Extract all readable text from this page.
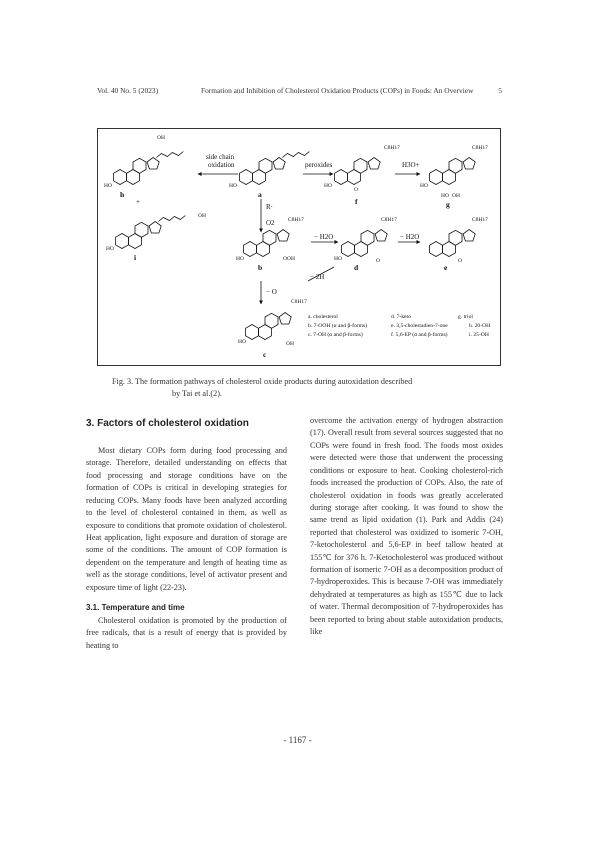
Vol. 40 No. 5 (2023)	Formation and Inhibition of Cholesterol Oxidation Products (COPs) in Foods: An Overview	5
side chain
oxidation	peroxides	H3O+
R·
O2
− H2O	− H2O
− 2H
− O
+
OH
HO	HO
C8H17
HO
O
C8H17
HO
HO OH
OH
HO
C8H17
HO	OOH
C8H17
HO	O
C8H17
O
C8H17
HO	OH
h	a
f	g
i
b	d	e
c
a. cholesterol	d. 7-keto	g. triol
b. 7-OOH (α and β-forms)	e. 3,5-cholestadien-7-one	h. 20-OH
c. 7-OH (α and β-forms)	f. 5,6-EP (α and β-forms)	i. 25-OH
Fig. 3. The formation pathways of cholesterol oxide products during autoxidation described
by Tai et al.(2).
3. Factors of cholesterol oxidation

Most dietary COPs form during food processing and storage. Therefore, detailed understanding on effects that food processing and storage conditions have on the formation of COPs is critical in developing strategies for reducing COPs. Many foods have been analyzed according to the level of cholesterol contained in them, as well as exposure to conditions that promote oxidation of cholesterol. Heat application, light exposure and duration of storage are some of the conditions. The amount of COP formation is dependent on the temperature and length of heating time as well as the storage conditions, level of activator present and exposure time of light (22-23).

3.1. Temperature and time

Cholesterol oxidation is promoted by the production of free radicals, that is a result of energy that is provided by heating to

overcome the activation energy of hydrogen abstraction (17). Overall result from several sources suggested that no COPs were found in fresh food. The foods most oxides were detected were those that underwent the processing conditions or exposure to heat. Cooking cholesterol-rich foods increased the production of COPs. Also, the rate of cholesterol oxidation in foods was greatly accelerated during storage after cooking. It was found to show the same trend as lipid oxidation (1). Park and Addis (24) reported that cholesterol was oxidized to isomeric 7-OH, 7-ketocholesterol and 5,6-EP in beef tallow heated at 155℃ for 376 h. 7-Ketocholesterol was produced without formation of isomeric 7-OH as a decomposition product of 7-hydroperoxides. This is because 7-OH was immediately dehydrated at temperatures as high as 155℃ due to lack of water. Thermal decomposition of 7-hydroperoxides has been reported to bring about stable autoxidation products, like

- 1167 -
